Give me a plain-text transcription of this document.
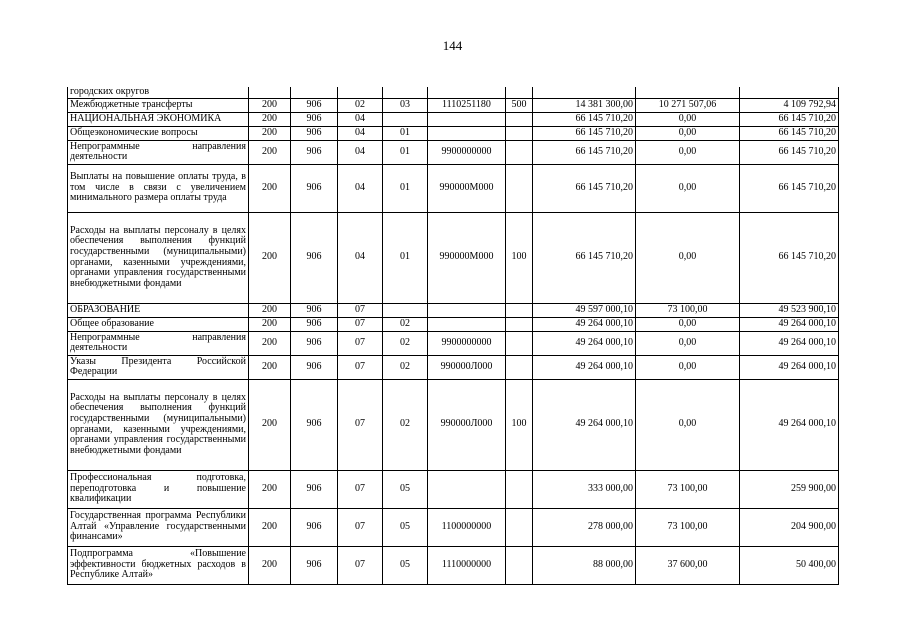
144
городских округов									
Межбюджетные трансферты	200	906	02	03	1110251180	500	14 381 300,00	10 271 507,06	4 109 792,94
НАЦИОНАЛЬНАЯ ЭКОНОМИКА	200	906	04				66 145 710,20	0,00	66 145 710,20
Общеэкономические вопросы	200	906	04	01			66 145 710,20	0,00	66 145 710,20
Непрограммные направления деятельности	200	906	04	01	9900000000		66 145 710,20	0,00	66 145 710,20
Выплаты на повышение оплаты труда, в том числе в связи с увеличением минимального размера оплаты труда	200	906	04	01	990000М000		66 145 710,20	0,00	66 145 710,20
Расходы на выплаты персоналу в целях обеспечения выполнения функций государственными (муниципальными) органами, казенными учреждениями, органами управления государственными внебюджетными фондами	200	906	04	01	990000М000	100	66 145 710,20	0,00	66 145 710,20
ОБРАЗОВАНИЕ	200	906	07				49 597 000,10	73 100,00	49 523 900,10
Общее образование	200	906	07	02			49 264 000,10	0,00	49 264 000,10
Непрограммные направления деятельности	200	906	07	02	9900000000		49 264 000,10	0,00	49 264 000,10
Указы Президента Российской Федерации	200	906	07	02	990000Л000		49 264 000,10	0,00	49 264 000,10
Расходы на выплаты персоналу в целях обеспечения выполнения функций государственными (муниципальными) органами, казенными учреждениями, органами управления государственными внебюджетными фондами	200	906	07	02	990000Л000	100	49 264 000,10	0,00	49 264 000,10
Профессиональная подготовка, переподготовка и повышение квалификации	200	906	07	05			333 000,00	73 100,00	259 900,00
Государственная программа Республики Алтай «Управление государственными финансами»	200	906	07	05	1100000000		278 000,00	73 100,00	204 900,00
Подпрограмма «Повышение эффективности бюджетных расходов в Республике Алтай»	200	906	07	05	1110000000		88 000,00	37 600,00	50 400,00
